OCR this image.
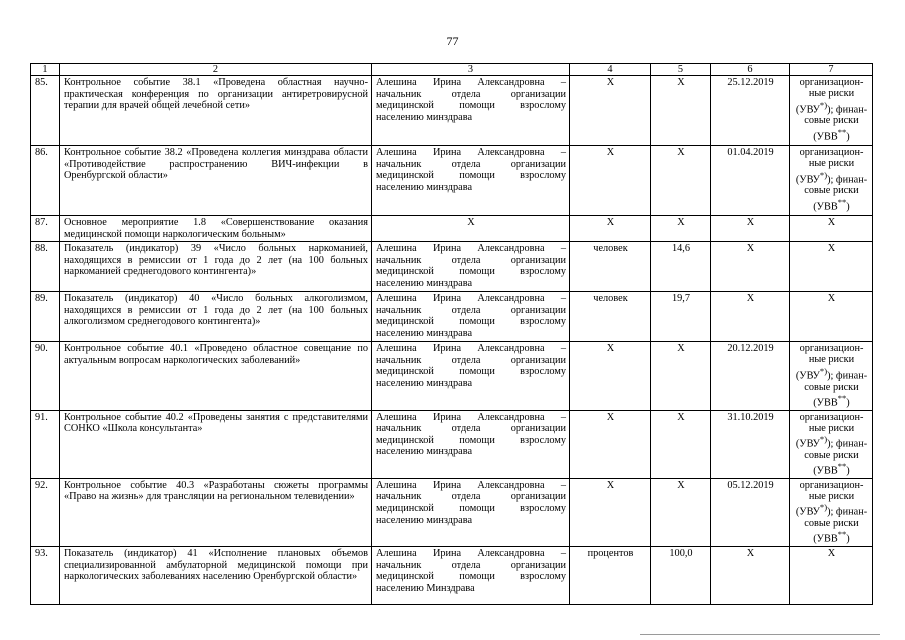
77
1	2	3	4	5	6	7
85.	Контрольное событие 38.1 «Проведена областная научно-практическая конференция по организации антиретровирусной терапии для врачей общей лечебной сети»	Алешина Ирина Александровна – начальник отдела организации медицинской помощи взрослому населению минздрава	X	X	25.12.2019	организацион-ные риски (УВУ*)); финан-совые риски (УВВ**)
86.	Контрольное событие 38.2 «Проведена коллегия минздрава области «Противодействие распространению ВИЧ-инфекции в Оренбургской области»	Алешина Ирина Александровна – начальник отдела организации медицинской помощи взрослому населению минздрава	X	X	01.04.2019	организацион-ные риски (УВУ*)); финан-совые риски (УВВ**)
87.	Основное мероприятие 1.8 «Совершенствование оказания медицинской помощи наркологическим больным»	X	X	X	X	X
88.	Показатель (индикатор) 39 «Число больных наркоманией, находящихся в ремиссии от 1 года до 2 лет (на 100 больных наркоманией среднегодового контингента)»	Алешина Ирина Александровна – начальник отдела организации медицинской помощи взрослому населению минздрава	человек	14,6	X	X
89.	Показатель (индикатор) 40 «Число больных алкоголизмом, находящихся в ремиссии от 1 года до 2 лет (на 100 больных алкоголизмом среднегодового контингента)»	Алешина Ирина Александровна – начальник отдела организации медицинской помощи взрослому населению минздрава	человек	19,7	X	X
90.	Контрольное событие 40.1 «Проведено областное совещание по актуальным вопросам наркологических заболеваний»	Алешина Ирина Александровна – начальник отдела организации медицинской помощи взрослому населению минздрава	X	X	20.12.2019	организацион-ные риски (УВУ*)); финан-совые риски (УВВ**)
91.	Контрольное событие 40.2 «Проведены занятия с представителями СОНКО «Школа консультанта»	Алешина Ирина Александровна – начальник отдела организации медицинской помощи взрослому населению минздрава	X	X	31.10.2019	организацион-ные риски (УВУ*)); финан-совые риски (УВВ**)
92.	Контрольное событие 40.3 «Разработаны сюжеты программы «Право на жизнь» для трансляции на региональном телевидении»	Алешина Ирина Александровна – начальник отдела организации медицинской помощи взрослому населению минздрава	X	X	05.12.2019	организацион-ные риски (УВУ*)); финан-совые риски (УВВ**)
93.	Показатель (индикатор) 41 «Исполнение плановых объемов специализированной амбулаторной медицинской помощи при наркологических заболеваниях населению Оренбургской области»	Алешина Ирина Александровна – начальник отдела организации медицинской помощи взрослому населению Минздрава	процентов	100,0	X	X
